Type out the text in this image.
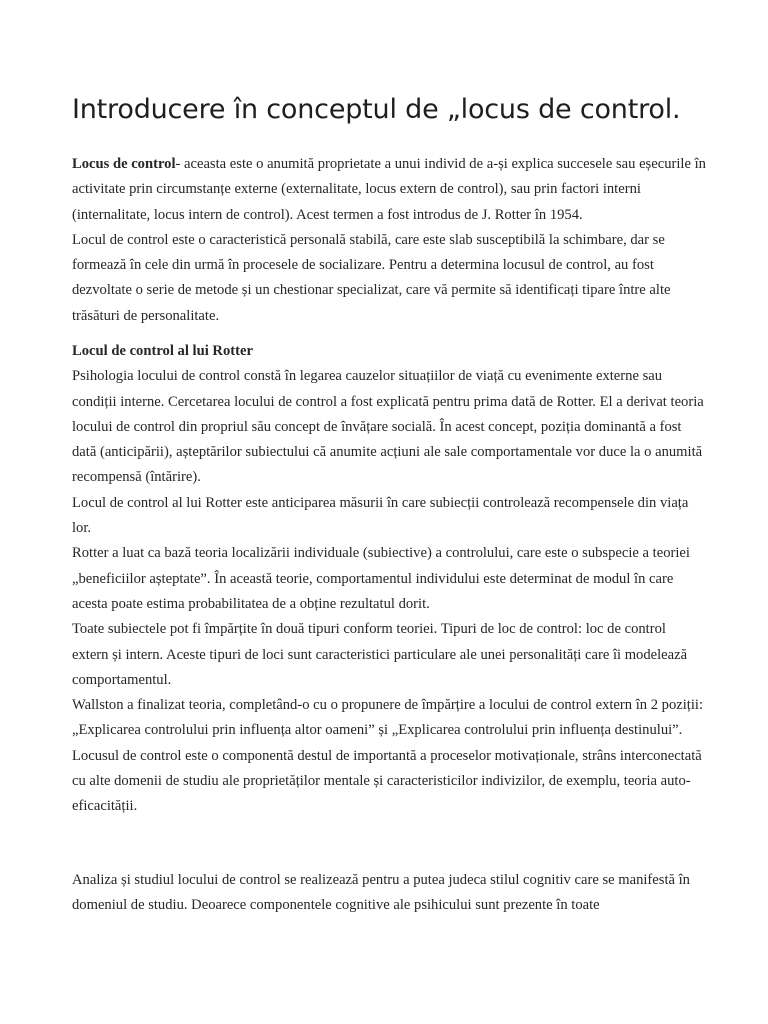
Introducere în conceptul de „locus de control.

Locus de control- aceasta este o anumită proprietate a unui individ de a-și explica succesele sau eșecurile în activitate prin circumstanțe externe (externalitate, locus extern de control), sau prin factori interni (internalitate, locus intern de control). Acest termen a fost introdus de J. Rotter în 1954.

Locul de control este o caracteristică personală stabilă, care este slab susceptibilă la schimbare, dar se formează în cele din urmă în procesele de socializare. Pentru a determina locusul de control, au fost dezvoltate o serie de metode și un chestionar specializat, care vă permite să identificați tipare între alte trăsături de personalitate.

Locul de control al lui Rotter

Psihologia locului de control constă în legarea cauzelor situațiilor de viață cu evenimente externe sau condiții interne. Cercetarea locului de control a fost explicată pentru prima dată de Rotter. El a derivat teoria locului de control din propriul său concept de învățare socială. În acest concept, poziția dominantă a fost dată (anticipării), așteptărilor subiectului că anumite acțiuni ale sale comportamentale vor duce la o anumită recompensă (întărire).

Locul de control al lui Rotter este anticiparea măsurii în care subiecții controlează recompensele din viața lor.

Rotter a luat ca bază teoria localizării individuale (subiective) a controlului, care este o subspecie a teoriei „beneficiilor așteptate”. În această teorie, comportamentul individului este determinat de modul în care acesta poate estima probabilitatea de a obține rezultatul dorit.

Toate subiectele pot fi împărțite în două tipuri conform teoriei. Tipuri de loc de control: loc de control extern și intern. Aceste tipuri de loci sunt caracteristici particulare ale unei personalități care îi modelează comportamentul.

Wallston a finalizat teoria, completând-o cu o propunere de împărțire a locului de control extern în 2 poziții: „Explicarea controlului prin influența altor oameni” și „Explicarea controlului prin influența destinului”.

Locusul de control este o componentă destul de importantă a proceselor motivaționale, strâns interconectată cu alte domenii de studiu ale proprietăților mentale și caracteristicilor indivizilor, de exemplu, teoria auto-eficacității.

Analiza și studiul locului de control se realizează pentru a putea judeca stilul cognitiv care se manifestă în domeniul de studiu. Deoarece componentele cognitive ale psihicului sunt prezente în toate
